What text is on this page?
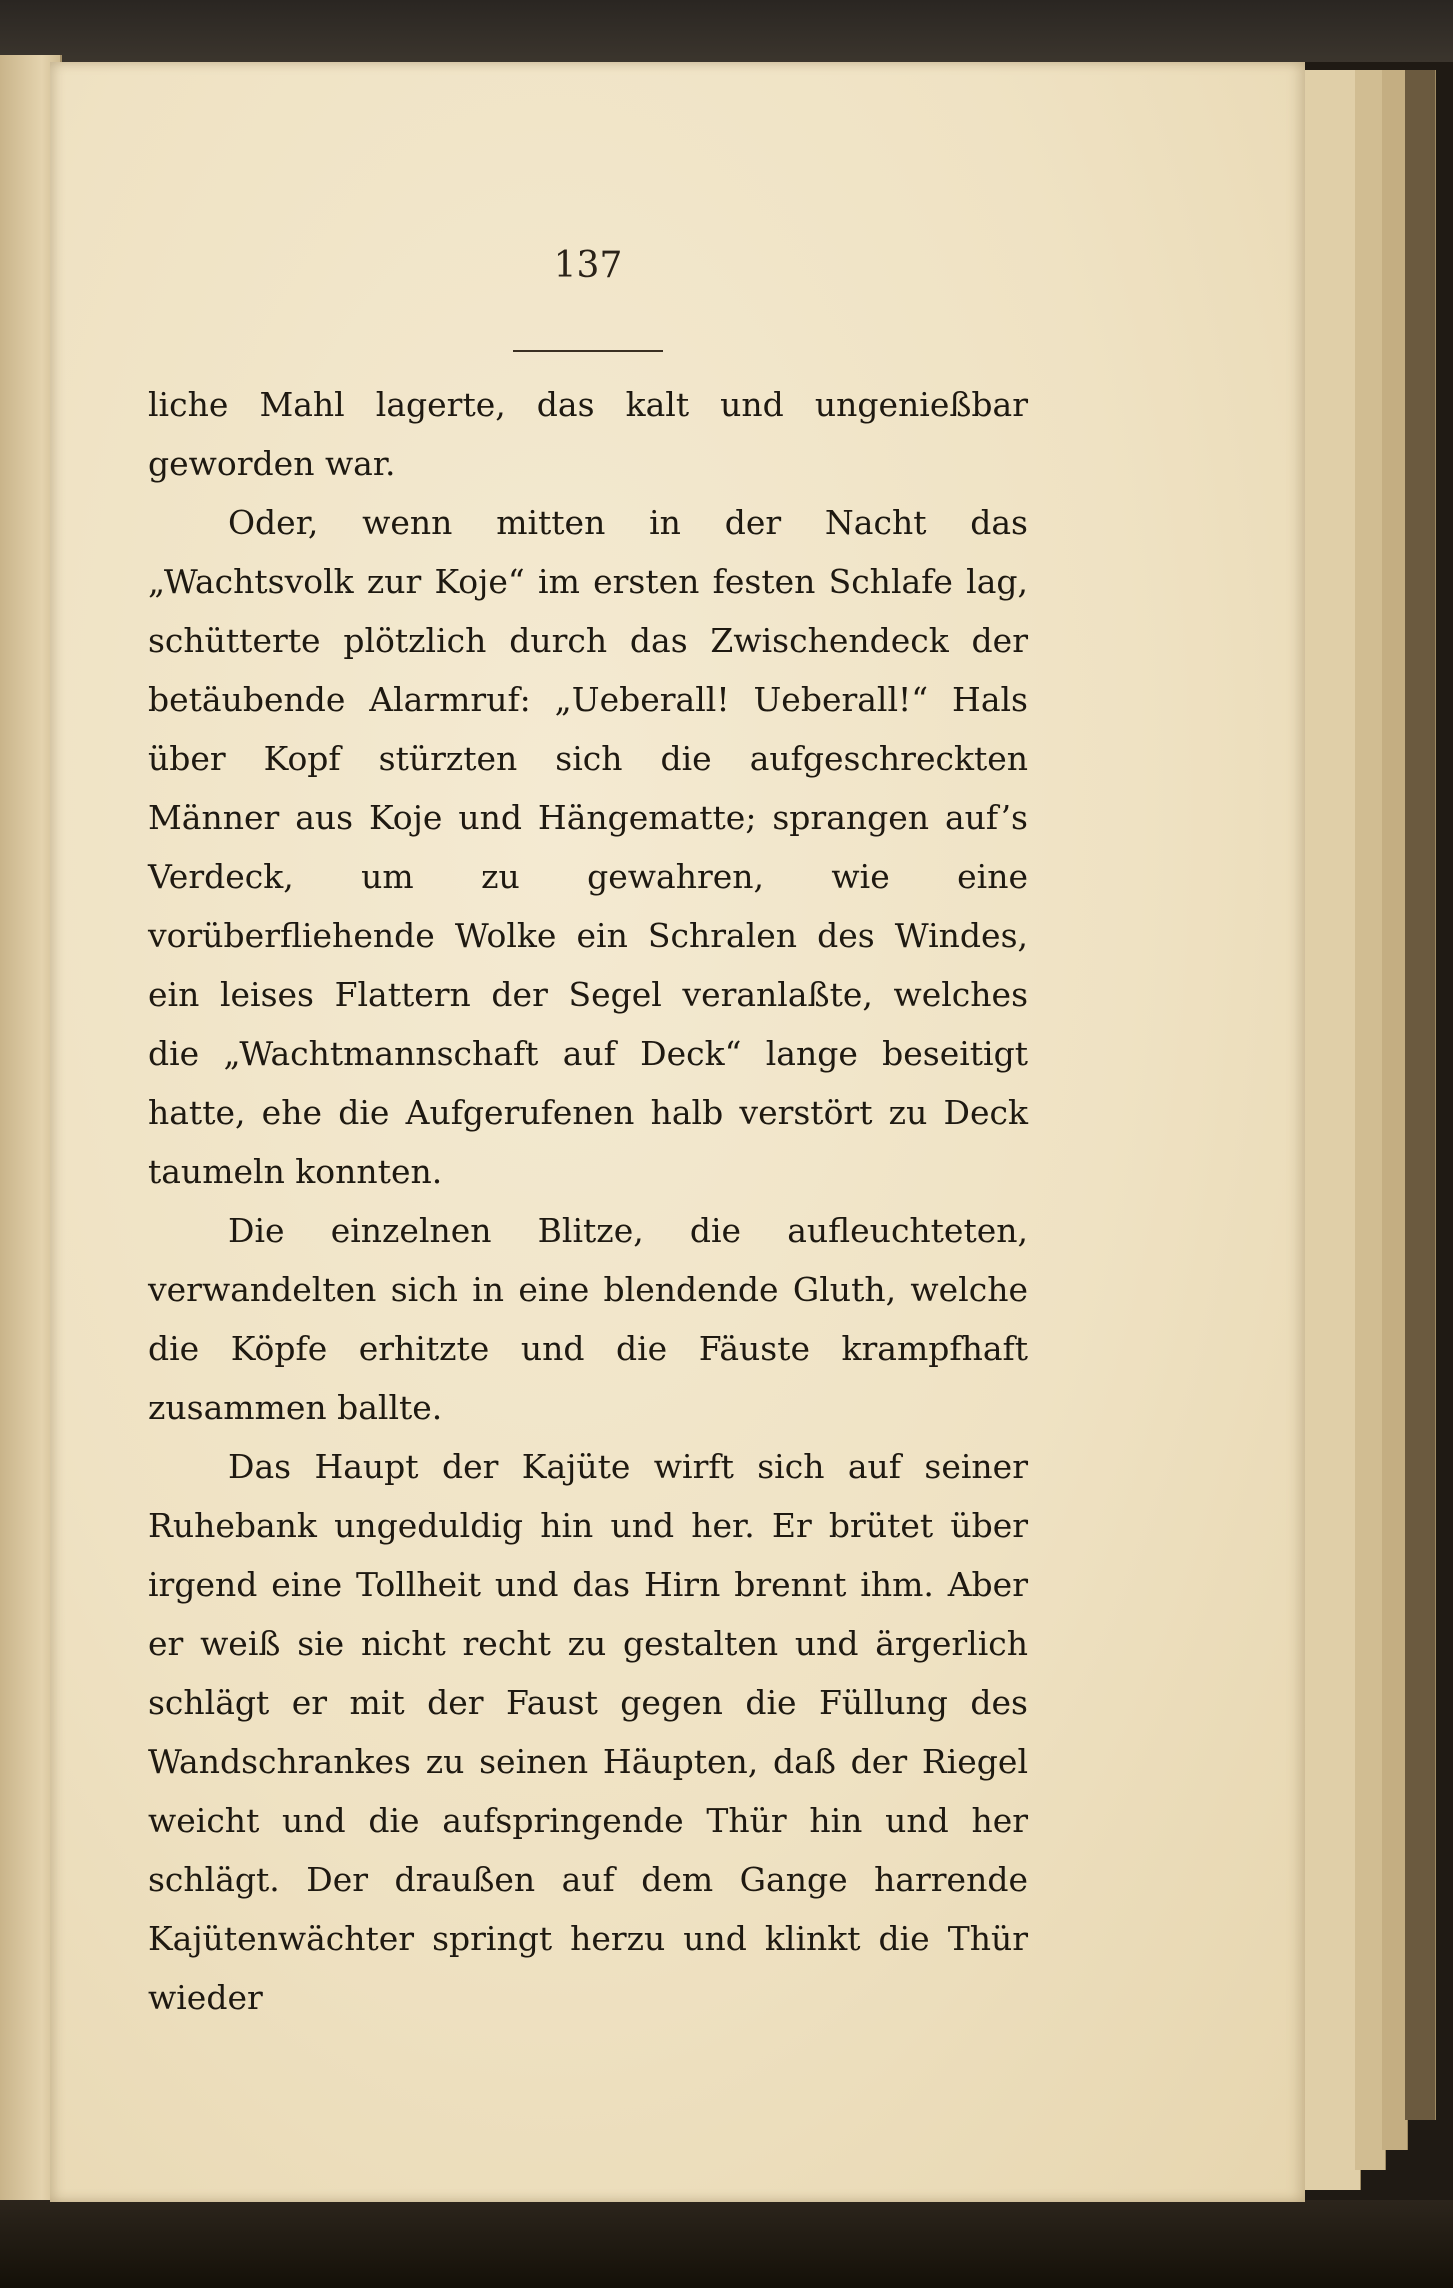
137

liche Mahl lagerte, das kalt und ungenießbar geworden war.

Oder, wenn mitten in der Nacht das „Wachtsvolk zur Koje“ im ersten festen Schlafe lag, schütterte plötzlich durch das Zwischendeck der betäubende Alarmruf: „Ueberall! Ueberall!“ Hals über Kopf stürzten sich die aufgeschreckten Männer aus Koje und Hängematte; sprangen auf’s Verdeck, um zu gewahren, wie eine vorüberfliehende Wolke ein Schralen des Windes, ein leises Flattern der Segel veranlaßte, welches die „Wachtmannschaft auf Deck“ lange beseitigt hatte, ehe die Aufgerufenen halb verstört zu Deck taumeln konnten.

Die einzelnen Blitze, die aufleuchteten, verwandelten sich in eine blendende Gluth, welche die Köpfe erhitzte und die Fäuste krampfhaft zusammen ballte.

Das Haupt der Kajüte wirft sich auf seiner Ruhebank ungeduldig hin und her. Er brütet über irgend eine Tollheit und das Hirn brennt ihm. Aber er weiß sie nicht recht zu gestalten und ärgerlich schlägt er mit der Faust gegen die Füllung des Wandschrankes zu seinen Häupten, daß der Riegel weicht und die aufspringende Thür hin und her schlägt. Der draußen auf dem Gange harrende Kajütenwächter springt herzu und klinkt die Thür wieder
